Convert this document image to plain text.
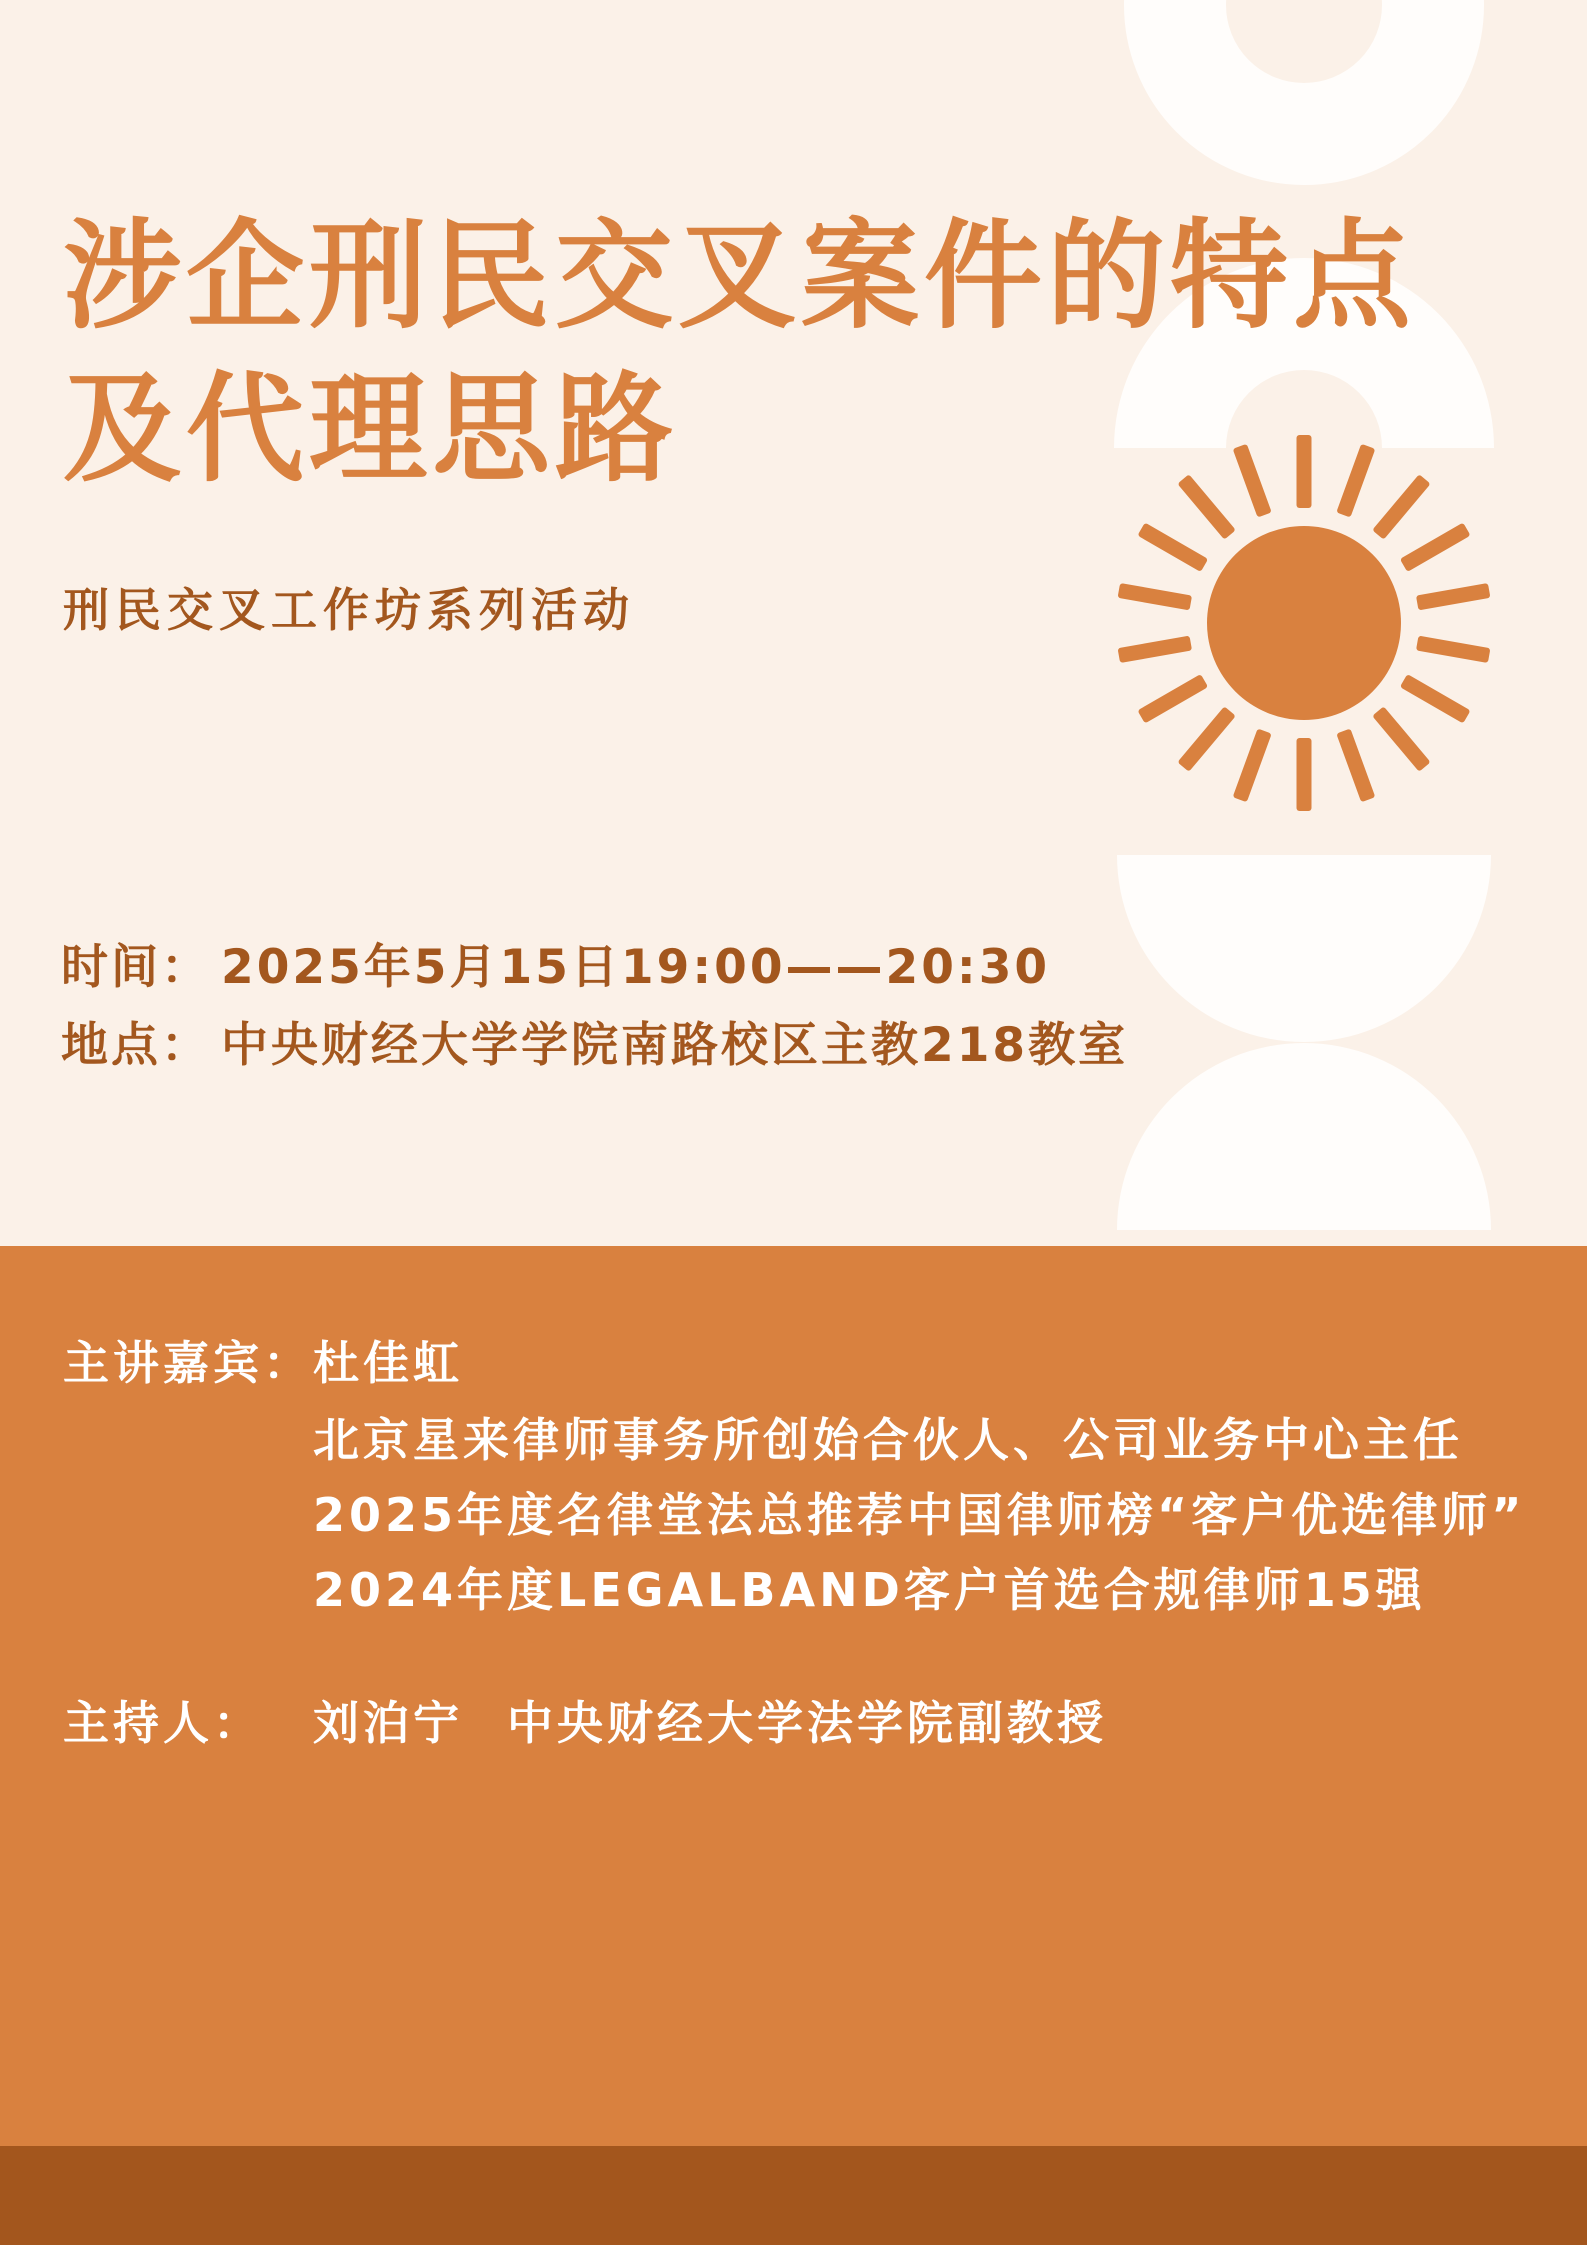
涉企刑民交叉案件的特点
及代理思路
刑民交叉工作坊系列活动
时间： 2025年5月15日19:00——20:30
地点： 中央财经大学学院南路校区主教218教室
主讲嘉宾：杜佳虹
北京星来律师事务所创始合伙人、公司业务中心主任
2025年度名律堂法总推荐中国律师榜“客户优选律师”
2024年度LEGALBAND客户首选合规律师15强
主持人： 刘泊宁 中央财经大学法学院副教授
